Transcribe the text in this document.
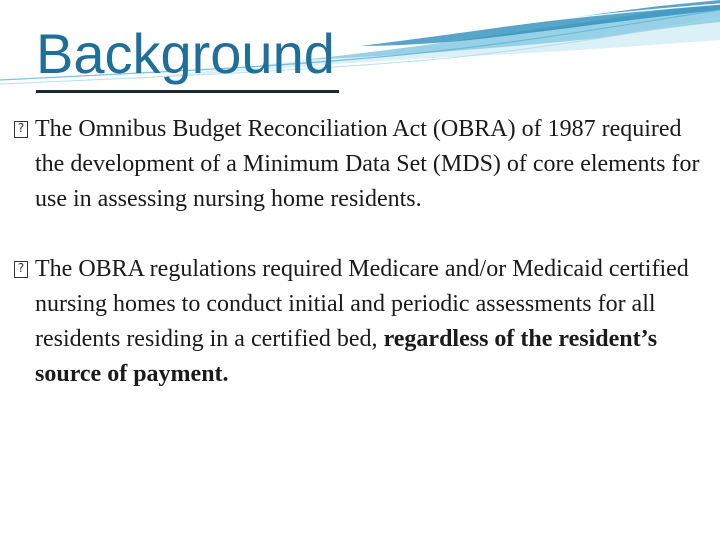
Background
?
The Omnibus Budget Reconciliation Act (OBRA) of 1987 required the development of a Minimum Data Set (MDS) of core elements for use in assessing nursing home residents.
?
The OBRA regulations required Medicare and/or Medicaid certified nursing homes to conduct initial and periodic assessments for all residents residing in a certified bed, regardless of the resident’s source of payment.
